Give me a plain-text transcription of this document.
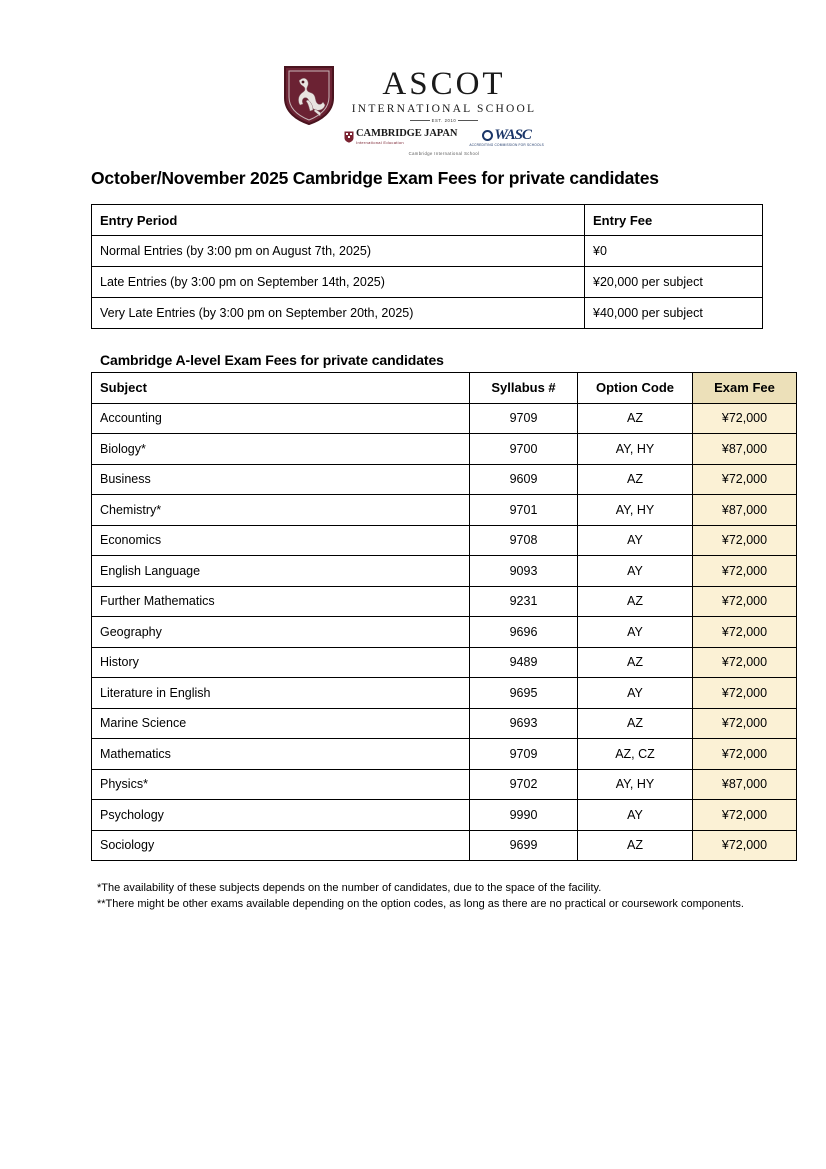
ASCOT
INTERNATIONAL SCHOOL
EST. 2010
CAMBRIDGE JAPAN
International Education	WASC
ACCREDITING COMMISSION FOR SCHOOLS
Cambridge International School
October/November 2025 Cambridge Exam Fees for private candidates
Cambridge A-level Exam Fees for private candidates
Entry Period	Entry Fee
Normal Entries (by 3:00 pm on August 7th, 2025)	¥0
Late Entries (by 3:00 pm on September 14th, 2025)	¥20,000 per subject
Very Late Entries (by 3:00 pm on September 20th, 2025)	¥40,000 per subject
Subject	Syllabus #	Option Code	Exam Fee
Accounting	9709	AZ	¥72,000
Biology*	9700	AY, HY	¥87,000
Business	9609	AZ	¥72,000
Chemistry*	9701	AY, HY	¥87,000
Economics	9708	AY	¥72,000
English Language	9093	AY	¥72,000
Further Mathematics	9231	AZ	¥72,000
Geography	9696	AY	¥72,000
History	9489	AZ	¥72,000
Literature in English	9695	AY	¥72,000
Marine Science	9693	AZ	¥72,000
Mathematics	9709	AZ, CZ	¥72,000
Physics*	9702	AY, HY	¥87,000
Psychology	9990	AY	¥72,000
Sociology	9699	AZ	¥72,000

*The availability of these subjects depends on the number of candidates, due to the space of the facility.

**There might be other exams available depending on the option codes, as long as there are no practical or coursework components.
